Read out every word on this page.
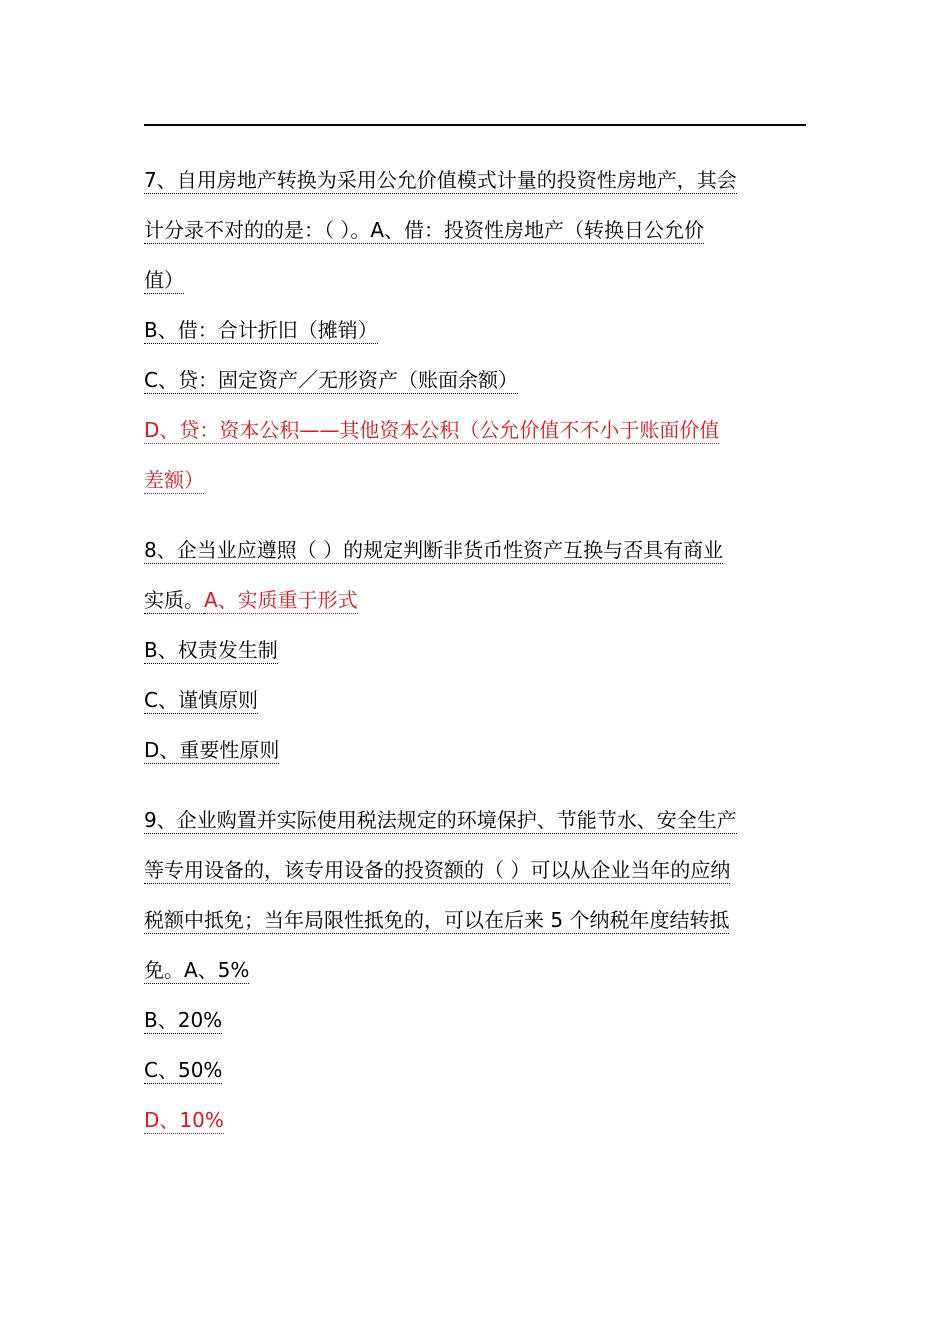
7、自用房地产转换为采用公允价值模式计量的投资性房地产，其会
计分录不对的的是：（ ）。A、借：投资性房地产（转换日公允价
值）
B、借：合计折旧（摊销）
C、贷：固定资产／无形资产（账面余额）
D、贷：资本公积——其他资本公积（公允价值不不小于账面价值
差额）
8、企当业应遵照（ ）的规定判断非货币性资产互换与否具有商业
实质。A、实质重于形式
B、权责发生制
C、谨慎原则
D、重要性原则
9、企业购置并实际使用税法规定的环境保护、节能节水、安全生产
等专用设备的，该专用设备的投资额的（ ）可以从企业当年的应纳
税额中抵免；当年局限性抵免的，可以在后来 5 个纳税年度结转抵
免。A、5%
B、20%
C、50%
D、10%
